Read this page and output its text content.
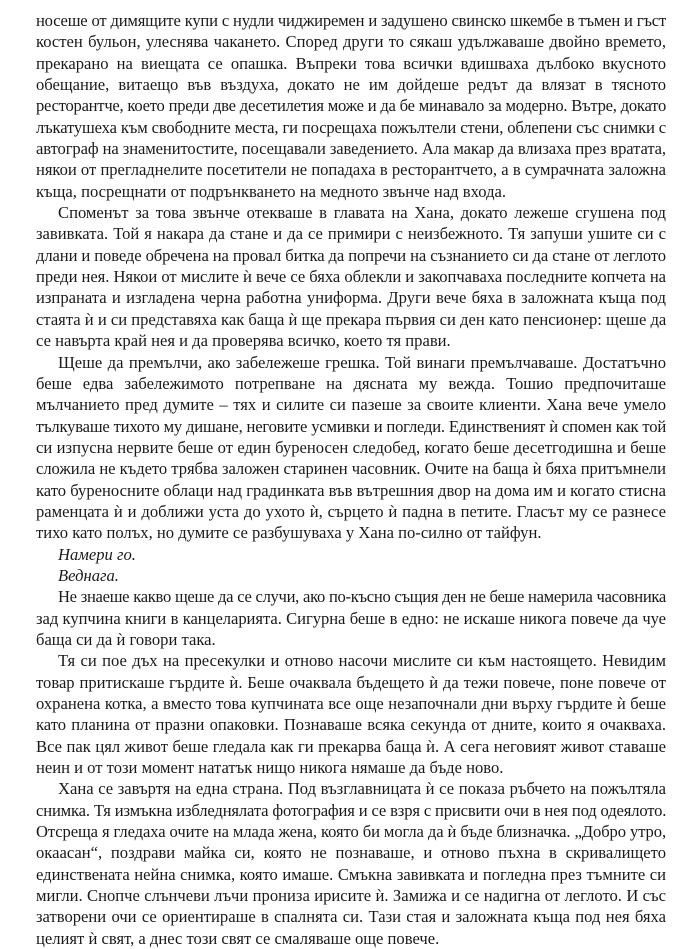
носеше от димящите купи с нудли чиджиремен и задушено свинско шкембе в тъмен и гъст
костен бульон, улеснява чакането. Според други то сякаш удължаваше двойно времето,
прекарано на виещата се опашка. Въпреки това всички вдишваха дълбоко вкусното
обещание, витаещо във въздуха, докато не им дойдеше редът да влязат в тясното
ресторантче, което преди две десетилетия може и да бе минавало за модерно. Вътре, докато
лъкатушеха към свободните места, ги посрещаха пожълтели стени, облепени със снимки с
автограф на знаменитостите, посещавали заведението. Ала макар да влизаха през вратата,
някои от прегладнелите посетители не попадаха в ресторантчето, а в сумрачната заложна
къща, посрещнати от подрънкването на медното звънче над входа.
Споменът за това звънче отекваше в главата на Хана, докато лежеше сгушена под
завивката. Той я накара да стане и да се примири с неизбежното. Тя запуши ушите си с
длани и поведе обречена на провал битка да попречи на съзнанието си да стане от леглото
преди нея. Някои от мислите ѝ вече се бяха облекли и закопчаваха последните копчета на
изпраната и изгладена черна работна униформа. Други вече бяха в заложната къща под
стаята ѝ и си представяха как баща ѝ ще прекара първия си ден като пенсионер: щеше да
се навърта край нея и да проверява всичко, което тя прави.
Щеше да премълчи, ако забележеше грешка. Той винаги премълчаваше. Достатъчно
беше едва забележимото потрепване на дясната му вежда. Тошио предпочиташе
мълчанието пред думите – тях и силите си пазеше за своите клиенти. Хана вече умело
тълкуваше тихото му дишане, неговите усмивки и погледи. Единственият ѝ спомен как той
си изпусна нервите беше от един буреносен следобед, когато беше десетгодишна и беше
сложила не където трябва заложен старинен часовник. Очите на баща ѝ бяха притъмнели
като буреносните облаци над градинката във вътрешния двор на дома им и когато стисна
раменцата ѝ и доближи уста до ухото ѝ, сърцето ѝ падна в петите. Гласът му се разнесе
тихо като полъх, но думите се разбушуваха у Хана по-силно от тайфун.
Намери го.
Веднага.
Не знаеше какво щеше да се случи, ако по-късно същия ден не беше намерила часовника
зад купчина книги в канцеларията. Сигурна беше в едно: не искаше никога повече да чуе
баща си да ѝ говори така.
Тя си пое дъх на пресекулки и отново насочи мислите си към настоящето. Невидим
товар притискаше гърдите ѝ. Беше очаквала бъдещето ѝ да тежи повече, поне повече от
охранена котка, а вместо това купчината все още незапочнали дни върху гърдите ѝ беше
като планина от празни опаковки. Познаваше всяка секунда от дните, които я очакваха.
Все пак цял живот беше гледала как ги прекарва баща ѝ. А сега неговият живот ставаше
неин и от този момент нататък нищо никога нямаше да бъде ново.
Хана се завъртя на една страна. Под възглавницата ѝ се показа ръбчето на пожълтяла
снимка. Тя измъкна избледнялата фотография и се взря с присвити очи в нея под одеялото.
Отсреща я гледаха очите на млада жена, която би могла да ѝ бъде близначка. „Добро утро,
окаасан“, поздрави майка си, която не познаваше, и отново пъхна в скривалището
единствената нейна снимка, която имаше. Смъкна завивката и погледна през тъмните си
мигли. Снопче слънчеви лъчи прониза ирисите ѝ. Замижа и се надигна от леглото. И със
затворени очи се ориентираше в спалнята си. Тази стая и заложната къща под нея бяха
целият ѝ свят, а днес този свят се смаляваше още повече.
